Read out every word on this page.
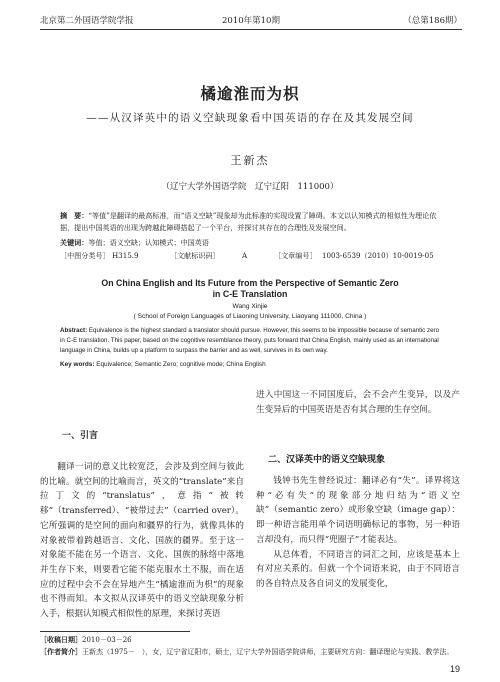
北京第二外国语学院学报	2010年第10期	（总第186期）
橘逾淮而为枳
——从汉译英中的语义空缺现象看中国英语的存在及其发展空间
王新杰
（辽宁大学外国语学院　辽宁辽阳　111000）
摘　要：“等值”是翻译的最高标准，而“语义空缺”现象却为此标准的实现设置了障碍。本文以认知模式的相似性为理论依据，提出中国英语的出现为跨越此障碍搭起了一个平台，并探讨其存在的合理性及发展空间。
关键词：等值；语义空缺；认知模式；中国英语
［中图分类号］ H315.9	［文献标识码］	A	［文章编号］ 1003-6539（2010）10-0019-05
On China English and Its Future from the Perspective of Semantic Zero
in C-E Translation
Wang Xinjie
( School of Foreign Languages of Liaoning University, Liaoyang 111000, China )
Abstract: Equivalence is the highest standard a translator should pursue. However, this seems to be impossible because of semantic zero in C-E translation. This paper, based on the cognitive resemblance theory, puts forward that China English, mainly used as an international language in China, builds up a platform to surpass the barrier and as well, survives in its own way.
Key words: Equivalence; Semantic Zero; cognitive mode; China English
一、引言

翻译一词的意义比较宽泛，会涉及到空间与彼此的比喻。就空间的比喻而言，英文的“translate”来自拉丁文的“translatus”，意指“被转移”（transferred）、“被带过去”（carried over）。它所强调的是空间的面向和疆界的行为，就像具体的对象被带着跨越语言、文化、国族的疆界。至于这一对象能不能在另一个语言、文化、国族的脉络中落地并生存下来，则要看它能不能克服水土不服，而在适应的过程中会不会在异地产生“橘逾淮而为枳”的现象也不得而知。本文拟从汉译英中的语义空缺现象分析入手，根据认知模式相似性的原理，来探讨英语

进入中国这一不同国度后，会不会产生变异，以及产生变异后的中国英语是否有其合理的生存空间。

二、汉译英中的语义空缺现象

钱钟书先生曾经说过：翻译必有“失”。译界将这种“必有失”的现象部分地归结为“语义空缺”（semantic zero）或形象空缺（image gap）：即一种语言能用单个词语明确标记的事物，另一种语言却没有，而只得“兜圈子”才能表达。

从总体看，不同语言的词汇之间，应该是基本上有对应关系的。但就一个个词语来说，由于不同语言的各自特点及各自词义的发展变化，

［收稿日期］2010－03－26
［作者简介］王新杰（1975－　），女，辽宁省辽阳市，硕士，辽宁大学外国语学院讲师，主要研究方向：翻译理论与实践、教学法。
19
